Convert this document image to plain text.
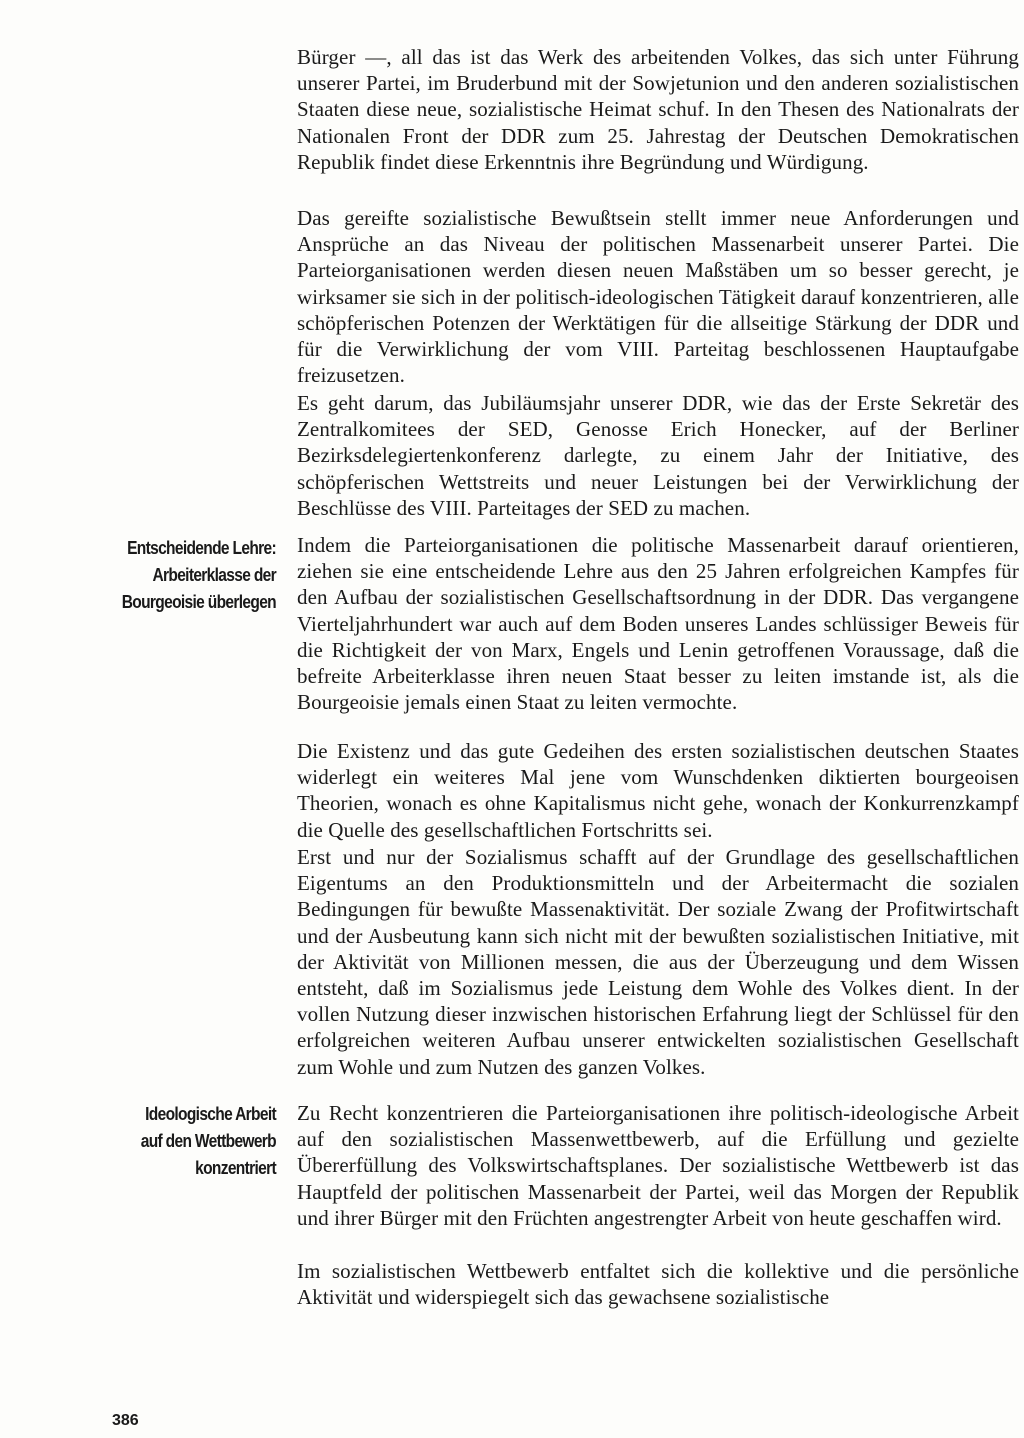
Entscheidende Lehre:
Arbeiterklasse der
Bourgeoisie überlegen
Ideologische Arbeit
auf den Wettbewerb
konzentriert

Bürger —, all das ist das Werk des arbeitenden Volkes, das sich unter Führung unserer Partei, im Bruderbund mit der Sowjetunion und den anderen sozialistischen Staaten diese neue, sozialistische Heimat schuf. In den Thesen des Nationalrats der Nationalen Front der DDR zum 25. Jahrestag der Deutschen Demokratischen Republik findet diese Erkenntnis ihre Begründung und Würdigung.

Das gereifte sozialistische Bewußtsein stellt immer neue Anforderungen und Ansprüche an das Niveau der politischen Massenarbeit unserer Partei. Die Parteiorganisationen werden diesen neuen Maßstäben um so besser gerecht, je wirksamer sie sich in der politisch-ideologischen Tätigkeit darauf konzentrieren, alle schöpferischen Potenzen der Werktätigen für die allseitige Stärkung der DDR und für die Verwirklichung der vom VIII. Parteitag beschlossenen Hauptaufgabe freizusetzen.

Es geht darum, das Jubiläumsjahr unserer DDR, wie das der Erste Sekretär des Zentralkomitees der SED, Genosse Erich Honecker, auf der Berliner Bezirksdelegiertenkonferenz darlegte, zu einem Jahr der Initiative, des schöpferischen Wettstreits und neuer Leistungen bei der Verwirklichung der Beschlüsse des VIII. Parteitages der SED zu machen.

Indem die Parteiorganisationen die politische Massenarbeit darauf orientieren, ziehen sie eine entscheidende Lehre aus den 25 Jahren erfolgreichen Kampfes für den Aufbau der sozialistischen Gesellschaftsordnung in der DDR. Das vergangene Vierteljahrhundert war auch auf dem Boden unseres Landes schlüssiger Beweis für die Richtigkeit der von Marx, Engels und Lenin getroffenen Voraussage, daß die befreite Arbeiterklasse ihren neuen Staat besser zu leiten imstande ist, als die Bourgeoisie jemals einen Staat zu leiten vermochte.

Die Existenz und das gute Gedeihen des ersten sozialistischen deutschen Staates widerlegt ein weiteres Mal jene vom Wunschdenken diktierten bourgeoisen Theorien, wonach es ohne Kapitalismus nicht gehe, wonach der Konkurrenzkampf die Quelle des gesellschaftlichen Fortschritts sei.

Erst und nur der Sozialismus schafft auf der Grundlage des gesellschaftlichen Eigentums an den Produktionsmitteln und der Arbeitermacht die sozialen Bedingungen für bewußte Massenaktivität. Der soziale Zwang der Profitwirtschaft und der Ausbeutung kann sich nicht mit der bewußten sozialistischen Initiative, mit der Aktivität von Millionen messen, die aus der Überzeugung und dem Wissen entsteht, daß im Sozialismus jede Leistung dem Wohle des Volkes dient. In der vollen Nutzung dieser inzwischen historischen Erfahrung liegt der Schlüssel für den erfolgreichen weiteren Aufbau unserer entwickelten sozialistischen Gesellschaft zum Wohle und zum Nutzen des ganzen Volkes.

Zu Recht konzentrieren die Parteiorganisationen ihre politisch-ideologische Arbeit auf den sozialistischen Massenwettbewerb, auf die Erfüllung und gezielte Übererfüllung des Volkswirtschaftsplanes. Der sozialistische Wettbewerb ist das Hauptfeld der politischen Massenarbeit der Partei, weil das Morgen der Republik und ihrer Bürger mit den Früchten angestrengter Arbeit von heute geschaffen wird.

Im sozialistischen Wettbewerb entfaltet sich die kollektive und die persönliche Aktivität und widerspiegelt sich das gewachsene sozialistische

386
